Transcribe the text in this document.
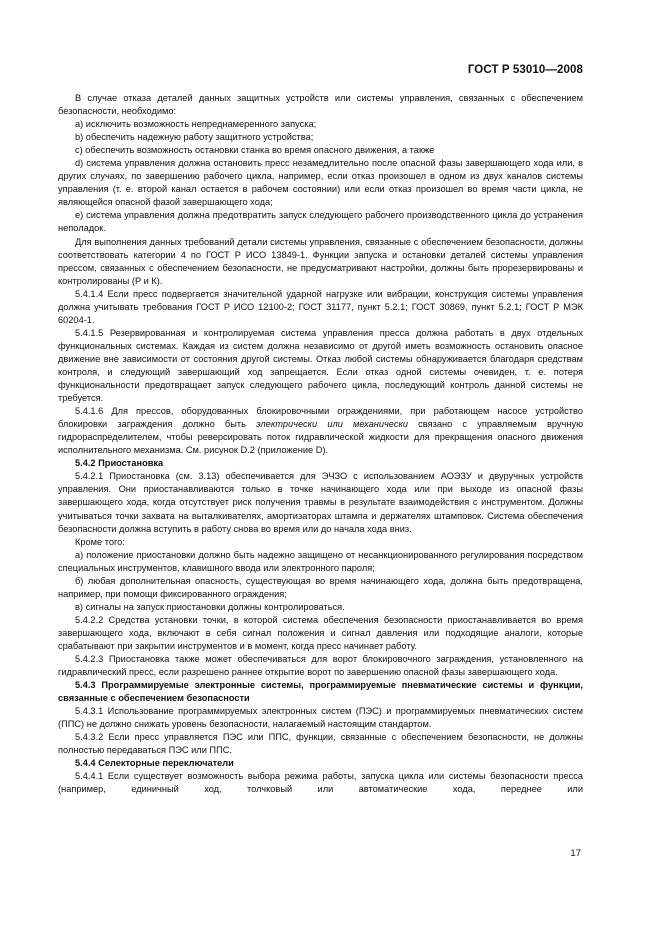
ГОСТ Р 53010—2008

В случае отказа деталей данных защитных устройств или системы управления, связанных с обеспечением безопасности, необходимо:

а) исключить возможность непреднамеренного запуска;

b) обеспечить надежную работу защитного устройства;

с) обеспечить возможность остановки станка во время опасного движения, а также

d) система управления должна остановить пресс незамедлительно после опасной фазы завершающего хода или, в других случаях, по завершению рабочего цикла, например, если отказ произошел в одном из двух каналов системы управления (т. е. второй канал остается в рабочем состоянии) или если отказ произошел во время части цикла, не являющейся опасной фазой завершающего хода;

е) система управления должна предотвратить запуск следующего рабочего производственного цикла до устранения неполадок.

Для выполнения данных требований детали системы управления, связанные с обеспечением безопасности, должны соответствовать категории 4 по ГОСТ Р ИСО 13849-1. Функции запуска и остановки деталей системы управления прессом, связанных с обеспечением безопасности, не предусматривают настройки, должны быть прорезервированы и контролированы (Р и К).

5.4.1.4 Если пресс подвергается значительной ударной нагрузке или вибрации, конструкция системы управления должна учитывать требования ГОСТ Р ИСО 12100-2; ГОСТ 31177, пункт 5.2.1; ГОСТ 30869, пункт 5.2.1; ГОСТ Р МЭК 60204-1.

5.4.1.5 Резервированная и контролируемая система управления пресса должна работать в двух отдельных функциональных системах. Каждая из систем должна независимо от другой иметь возможность остановить опасное движение вне зависимости от состояния другой системы. Отказ любой системы обнаруживается благодаря средствам контроля, и следующий завершающий ход запрещается. Если отказ одной системы очевиден, т. е. потеря функциональности предотвращает запуск следующего рабочего цикла, последующий контроль данной системы не требуется.

5.4.1.6 Для прессов, оборудованных блокировочными ограждениями, при работающем насосе устройство блокировки заграждения должно быть электрически или механически связано с управляемым вручную гидрораспределителем, чтобы реверсировать поток гидравлической жидкости для прекращения опасного движения исполнительного механизма. См. рисунок D.2 (приложение D).

5.4.2 Приостановка

5.4.2.1 Приостановка (см. 3.13) обеспечивается для ЭЧЗО с использованием АОЭЗУ и двуручных устройств управления. Они приостанавливаются только в точке начинающего хода или при выходе из опасной фазы завершающего хода, когда отсутствует риск получения травмы в результате взаимодействия с инструментом. Должны учитываться точки захвата на выталкивателях, амортизаторах штампа и держателях штамповок. Система обеспечения безопасности должна вступить в работу снова во время или до начала хода вниз.

Кроме того:

а) положение приостановки должно быть надежно защищено от несанкционированного регулирования посредством специальных инструментов, клавишного ввода или электронного пароля;

б) любая дополнительная опасность, существующая во время начинающего хода, должна быть предотвращена, например, при помощи фиксированного ограждения;

в) сигналы на запуск приостановки должны контролироваться.

5.4.2.2 Средства установки точки, в которой система обеспечения безопасности приостанавливается во время завершающего хода, включают в себя сигнал положения и сигнал давления или подходящие аналоги, которые срабатывают при закрытии инструментов и в момент, когда пресс начинает работу.

5.4.2.3 Приостановка также может обеспечиваться для ворот блокировочного заграждения, установленного на гидравлический пресс, если разрешено раннее открытие ворот по завершению опасной фазы завершающего хода.

5.4.3 Программируемые электронные системы, программируемые пневматические системы и функции, связанные с обеспечением безопасности

5.4.3.1 Использование программируемых электронных систем (ПЭС) и программируемых пневматических систем (ППС) не должно снижать уровень безопасности, налагаемый настоящим стандартом.

5.4.3.2 Если пресс управляется ПЭС или ППС, функции, связанные с обеспечением безопасности, не должны полностью передаваться ПЭС или ППС.

5.4.4 Селекторные переключатели

5.4.4.1 Если существует возможность выбора режима работы, запуска цикла или системы безопасности пресса (например, единичный ход, толчковый или автоматические хода, переднее или

17
